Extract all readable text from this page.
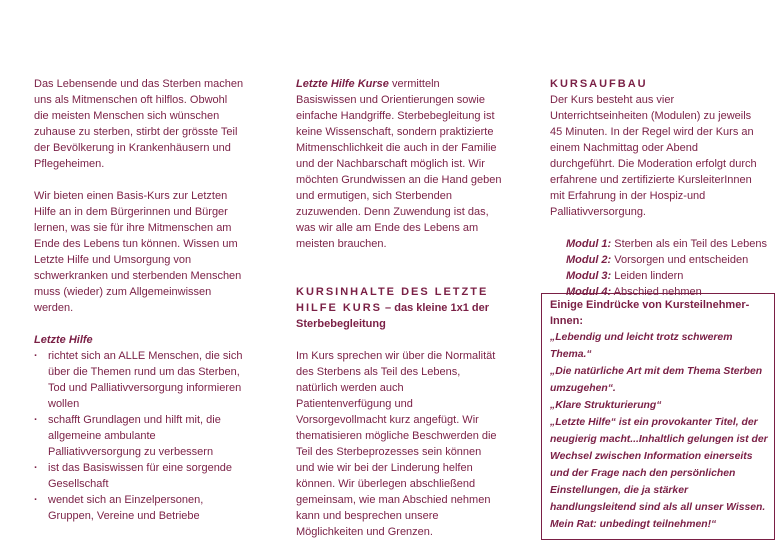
Das Lebensende und das Sterben machen uns als Mitmenschen oft hilflos. Obwohl die meisten Menschen sich wünschen zuhause zu sterben, stirbt der grösste Teil der Bevölkerung in Krankenhäusern und Pflegeheimen.

Wir bieten einen Basis-Kurs zur Letzten Hilfe an in dem Bürgerinnen und Bürger lernen, was sie für ihre Mitmenschen am Ende des Lebens tun können. Wissen um Letzte Hilfe und Umsorgung von schwerkranken und sterbenden Menschen muss (wieder) zum Allgemeinwissen werden.

Letzte Hilfe

· richtet sich an ALLE Menschen, die sich über die Themen rund um das Sterben, Tod und Palliativversorgung informieren wollen
· schafft Grundlagen und hilft mit, die allgemeine ambulante Palliativversorgung zu verbessern
· ist das Basiswissen für eine sorgende Gesellschaft
· wendet sich an Einzelpersonen, Gruppen, Vereine und Betriebe

Letzte Hilfe Kurse vermitteln Basiswissen und Orientierungen sowie einfache Handgriffe. Sterbebegleitung ist keine Wissenschaft, sondern praktizierte Mitmenschlichkeit die auch in der Familie und der Nachbarschaft möglich ist. Wir möchten Grundwissen an die Hand geben und ermutigen, sich Sterbenden zuzuwenden. Denn Zuwendung ist das, was wir alle am Ende des Lebens am meisten brauchen.

KURSINHALTE DES LETZTE HILFE KURS – das kleine 1x1 der Sterbebegleitung

Im Kurs sprechen wir über die Normalität des Sterbens als Teil des Lebens, natürlich werden auch Patientenverfügung und Vorsorgevollmacht kurz angefügt. Wir thematisieren mögliche Beschwerden die Teil des Sterbeprozesses sein können und wie wir bei der Linderung helfen können. Wir überlegen abschließend gemeinsam, wie man Abschied nehmen kann und besprechen unsere Möglichkeiten und Grenzen.

KURSAUFBAU

Der Kurs besteht aus vier Unterrichtseinheiten (Modulen) zu jeweils 45 Minuten. In der Regel wird der Kurs an einem Nachmittag oder Abend durchgeführt. Die Moderation erfolgt durch erfahrene und zertifizierte KursleiterInnen mit Erfahrung in der Hospiz-und Palliativversorgung.

Modul 1: Sterben als ein Teil des Lebens
Modul 2: Vorsorgen und entscheiden
Modul 3: Leiden lindern
Modul 4: Abschied nehmen
Einige Eindrücke von Kursteilnehmer-Innen:
„Lebendig und leicht trotz schwerem Thema.“
„Die natürliche Art mit dem Thema Sterben umzugehen“.
„Klare Strukturierung“
„Letzte Hilfe“ ist ein provokanter Titel, der neugierig macht...Inhaltlich gelungen ist der Wechsel zwischen Information einerseits und der Frage nach den persönlichen Einstellungen, die ja stärker handlungsleitend sind als all unser Wissen. Mein Rat: unbedingt teilnehmen!“
